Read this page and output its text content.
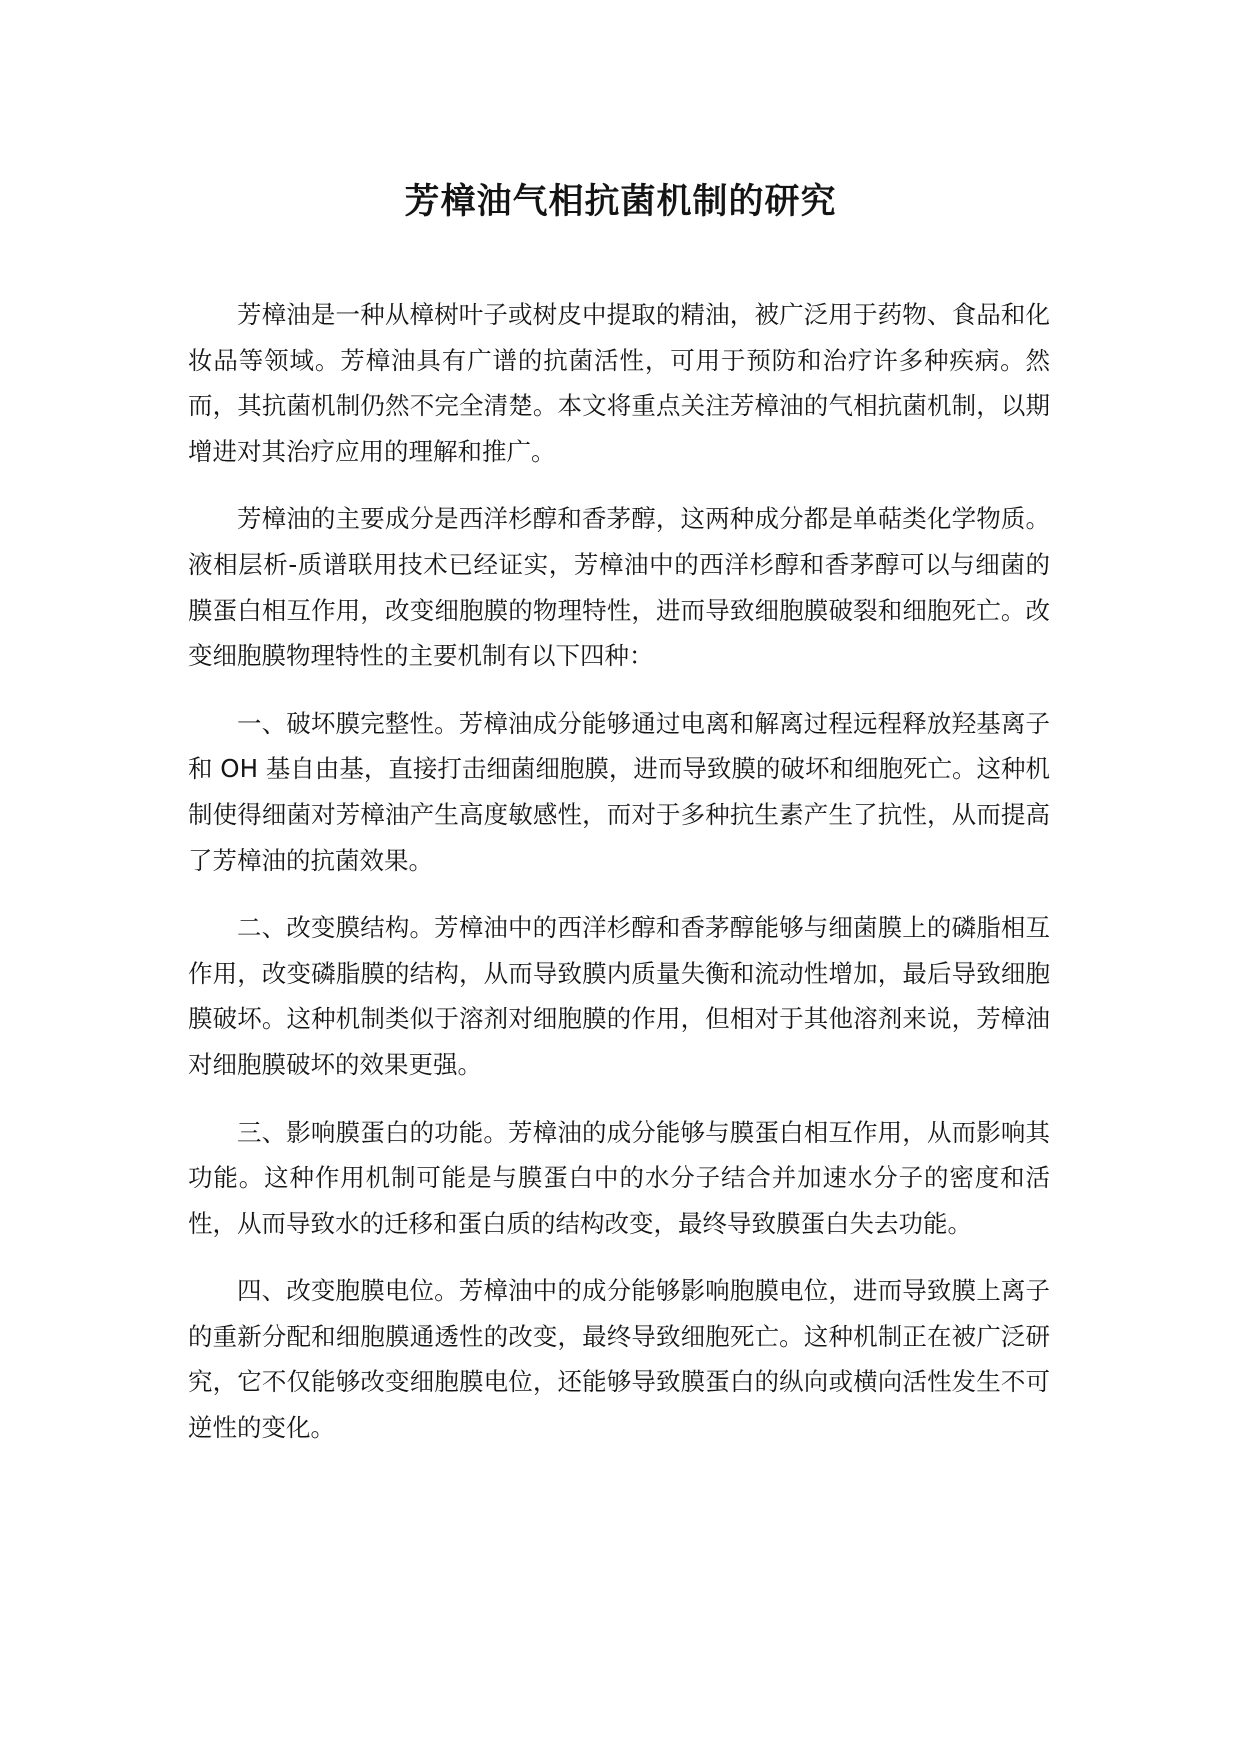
芳樟油气相抗菌机制的研究

芳樟油是一种从樟树叶子或树皮中提取的精油，被广泛用于药物、食品和化妆品等领域。芳樟油具有广谱的抗菌活性，可用于预防和治疗许多种疾病。然而，其抗菌机制仍然不完全清楚。本文将重点关注芳樟油的气相抗菌机制，以期增进对其治疗应用的理解和推广。

芳樟油的主要成分是西洋杉醇和香茅醇，这两种成分都是单萜类化学物质。液相层析-质谱联用技术已经证实，芳樟油中的西洋杉醇和香茅醇可以与细菌的膜蛋白相互作用，改变细胞膜的物理特性，进而导致细胞膜破裂和细胞死亡。改变细胞膜物理特性的主要机制有以下四种：

一、破坏膜完整性。芳樟油成分能够通过电离和解离过程远程释放羟基离子和 OH 基自由基，直接打击细菌细胞膜，进而导致膜的破坏和细胞死亡。这种机制使得细菌对芳樟油产生高度敏感性，而对于多种抗生素产生了抗性，从而提高了芳樟油的抗菌效果。

二、改变膜结构。芳樟油中的西洋杉醇和香茅醇能够与细菌膜上的磷脂相互作用，改变磷脂膜的结构，从而导致膜内质量失衡和流动性增加，最后导致细胞膜破坏。这种机制类似于溶剂对细胞膜的作用，但相对于其他溶剂来说，芳樟油对细胞膜破坏的效果更强。

三、影响膜蛋白的功能。芳樟油的成分能够与膜蛋白相互作用，从而影响其功能。这种作用机制可能是与膜蛋白中的水分子结合并加速水分子的密度和活性，从而导致水的迁移和蛋白质的结构改变，最终导致膜蛋白失去功能。

四、改变胞膜电位。芳樟油中的成分能够影响胞膜电位，进而导致膜上离子的重新分配和细胞膜通透性的改变，最终导致细胞死亡。这种机制正在被广泛研究，它不仅能够改变细胞膜电位，还能够导致膜蛋白的纵向或横向活性发生不可逆性的变化。
